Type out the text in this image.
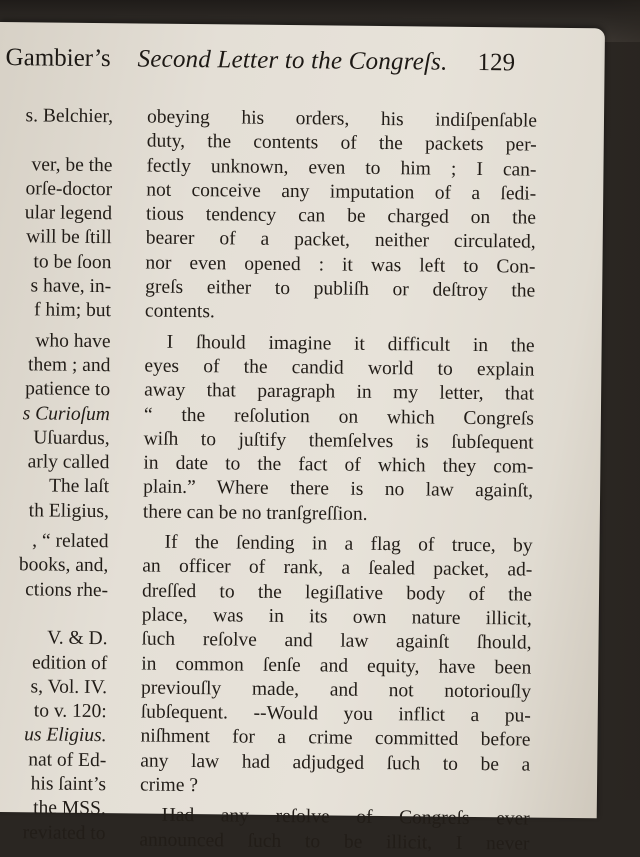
Gambier’s Second Letter to the Congreſs. 129
s. Belchier,
ver, be the
orſe-doctor
ular legend
will be ſtill
to be ſoon
s have, in-
f him; but
who have
them ; and
patience to
s Curioſum
Uſuardus,
arly called
The laſt
th Eligius,
, “ related
books, and,
ctions rhe-
V. & D.
edition of
s, Vol. IV.
to v. 120:
us Eligius.
nat of Ed-
his ſaint’s
the MSS.
reviated to
obeying his orders, his indiſpenſable
duty, the contents of the packets per-
fectly unknown, even to him ; I can-
not conceive any imputation of a ſedi-
tious tendency can be charged on the
bearer of a packet, neither circulated,
nor even opened : it was left to Con-
greſs either to publiſh or deſtroy the
contents.
I ſhould imagine it difficult in the
eyes of the candid world to explain
away that paragraph in my letter, that
“ the reſolution on which Congreſs
wiſh to juſtify themſelves is ſubſequent
in date to the fact of which they com-
plain.” Where there is no law againſt,
there can be no tranſgreſſion.
If the ſending in a flag of truce, by
an officer of rank, a ſealed packet, ad-
dreſſed to the legiſlative body of the
place, was in its own nature illicit,
ſuch reſolve and law againſt ſhould,
in common ſenſe and equity, have been
previouſly made, and not notoriouſly
ſubſequent. --Would you inflict a pu-
niſhment for a crime committed before
any law had adjudged ſuch to be a
crime ?
Had any reſolve of Congreſs ever
announced ſuch to be illicit, I never
